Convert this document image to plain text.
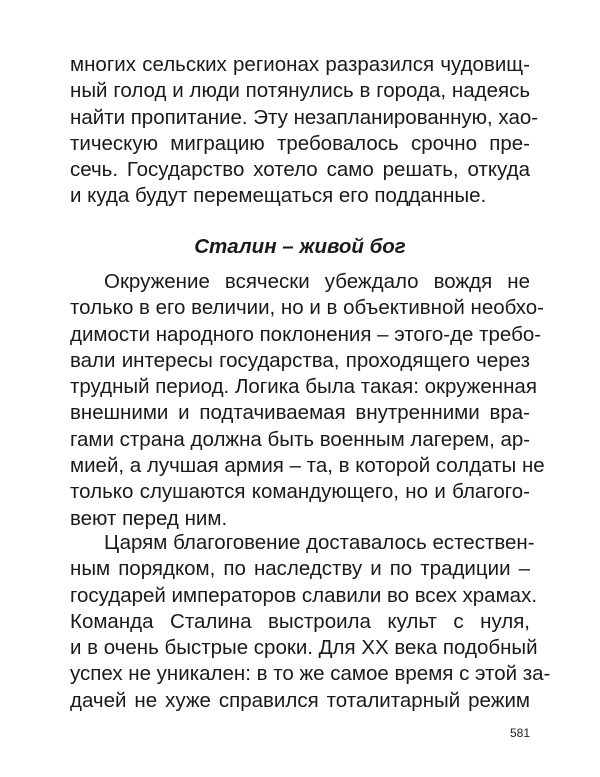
многих сельских регионах разразился чудовищ-
ный голод и люди потянулись в города, надеясь
найти пропитание. Эту незапланированную, хао-
тическую миграцию требовалось срочно пре-
сечь. Государство хотело само решать, откуда
и куда будут перемещаться его подданные.
Сталин – живой бог
Окружение всячески убеждало вождя не
только в его величии, но и в объективной необхо-
димости народного поклонения – этого-де требо-
вали интересы государства, проходящего через
трудный период. Логика была такая: окруженная
внешними и подтачиваемая внутренними вра-
гами страна должна быть военным лагерем, ар-
мией, а лучшая армия – та, в которой солдаты не
только слушаются командующего, но и благого-
веют перед ним.
Царям благоговение доставалось естествен-
ным порядком, по наследству и по традиции –
государей императоров славили во всех храмах.
Команда Сталина выстроила культ с нуля,
и в очень быстрые сроки. Для XX века подобный
успех не уникален: в то же самое время с этой за-
дачей не хуже справился тоталитарный режим
581
